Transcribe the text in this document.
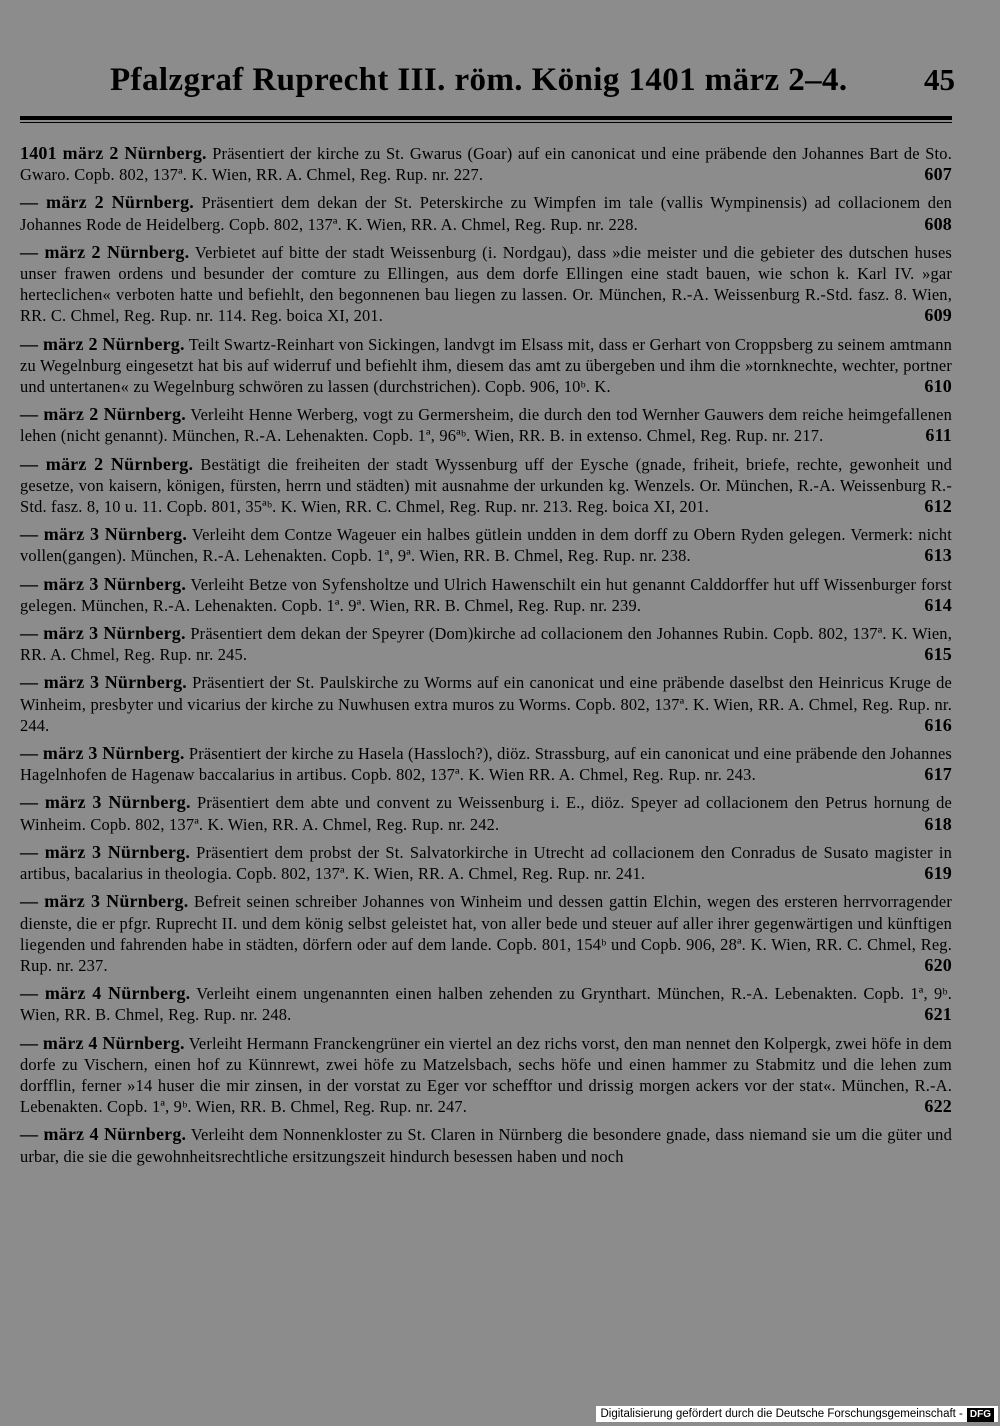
Pfalzgraf Ruprecht III. röm. König 1401 märz 2–4. 45
1401 märz 2 Nürnberg. Präsentiert der kirche zu St. Gwarus (Goar) auf ein canonicat und eine präbende den Johannes Bart de Sto. Gwaro. Copb. 802, 137ª. K. Wien, RR. A. Chmel, Reg. Rup. nr. 227.	607
— märz 2 Nürnberg. Präsentiert dem dekan der St. Peterskirche zu Wimpfen im tale (vallis Wympinensis) ad collacionem den Johannes Rode de Heidelberg. Copb. 802, 137ª. K. Wien, RR. A. Chmel, Reg. Rup. nr. 228.	608
— märz 2 Nürnberg. Verbietet auf bitte der stadt Weissenburg (i. Nordgau), dass »die meister und die gebieter des dutschen huses unser frawen ordens und besunder der comture zu Ellingen, aus dem dorfe Ellingen eine stadt bauen, wie schon k. Karl IV. »gar herteclichen« verboten hatte und befiehlt, den begonnenen bau liegen zu lassen. Or. München, R.-A. Weissenburg R.-Std. fasz. 8. Wien, RR. C. Chmel, Reg. Rup. nr. 114. Reg. boica XI, 201.	609
— märz 2 Nürnberg. Teilt Swartz-Reinhart von Sickingen, landvgt im Elsass mit, dass er Gerhart von Croppsberg zu seinem amtmann zu Wegelnburg eingesetzt hat bis auf widerruf und befiehlt ihm, diesem das amt zu übergeben und ihm die »tornknechte, wechter, portner und untertanen« zu Wegelnburg schwören zu lassen (durchstrichen). Copb. 906, 10ᵇ. K.	610
— märz 2 Nürnberg. Verleiht Henne Werberg, vogt zu Germersheim, die durch den tod Wernher Gauwers dem reiche heimgefallenen lehen (nicht genannt). München, R.-A. Lehenakten. Copb. 1ª, 96ªᵇ. Wien, RR. B. in extenso. Chmel, Reg. Rup. nr. 217.	611
— märz 2 Nürnberg. Bestätigt die freiheiten der stadt Wyssenburg uff der Eysche (gnade, friheit, briefe, rechte, gewonheit und gesetze, von kaisern, königen, fürsten, herrn und städten) mit ausnahme der urkunden kg. Wenzels. Or. München, R.-A. Weissenburg R.-Std. fasz. 8, 10 u. 11. Copb. 801, 35ªᵇ. K. Wien, RR. C. Chmel, Reg. Rup. nr. 213. Reg. boica XI, 201.	612
— märz 3 Nürnberg. Verleiht dem Contze Wageuer ein halbes gütlein undden in dem dorff zu Obern Ryden gelegen. Vermerk: nicht vollen(gangen). München, R.-A. Lehenakten. Copb. 1ª, 9ª. Wien, RR. B. Chmel, Reg. Rup. nr. 238.	613
— märz 3 Nürnberg. Verleiht Betze von Syfensholtze und Ulrich Hawenschilt ein hut genannt Calddorffer hut uff Wissenburger forst gelegen. München, R.-A. Lehenakten. Copb. 1ª. 9ª. Wien, RR. B. Chmel, Reg. Rup. nr. 239.	614
— märz 3 Nürnberg. Präsentiert dem dekan der Speyrer (Dom)kirche ad collacionem den Johannes Rubin. Copb. 802, 137ª. K. Wien, RR. A. Chmel, Reg. Rup. nr. 245.	615
— märz 3 Nürnberg. Präsentiert der St. Paulskirche zu Worms auf ein canonicat und eine präbende daselbst den Heinricus Kruge de Winheim, presbyter und vicarius der kirche zu Nuwhusen extra muros zu Worms. Copb. 802, 137ª. K. Wien, RR. A. Chmel, Reg. Rup. nr. 244.	616
— märz 3 Nürnberg. Präsentiert der kirche zu Hasela (Hassloch?), diöz. Strassburg, auf ein canonicat und eine präbende den Johannes Hagelnhofen de Hagenaw baccalarius in artibus. Copb. 802, 137ª. K. Wien RR. A. Chmel, Reg. Rup. nr. 243.	617
— märz 3 Nürnberg. Präsentiert dem abte und convent zu Weissenburg i. E., diöz. Speyer ad collacionem den Petrus hornung de Winheim. Copb. 802, 137ª. K. Wien, RR. A. Chmel, Reg. Rup. nr. 242.	618
— märz 3 Nürnberg. Präsentiert dem probst der St. Salvatorkirche in Utrecht ad collacionem den Conradus de Susato magister in artibus, bacalarius in theologia. Copb. 802, 137ª. K. Wien, RR. A. Chmel, Reg. Rup. nr. 241.	619
— märz 3 Nürnberg. Befreit seinen schreiber Johannes von Winheim und dessen gattin Elchin, wegen des ersteren herrvorragender dienste, die er pfgr. Ruprecht II. und dem könig selbst geleistet hat, von aller bede und steuer auf aller ihrer gegenwärtigen und künftigen liegenden und fahrenden habe in städten, dörfern oder auf dem lande. Copb. 801, 154ᵇ und Copb. 906, 28ª. K. Wien, RR. C. Chmel, Reg. Rup. nr. 237.	620
— märz 4 Nürnberg. Verleiht einem ungenannten einen halben zehenden zu Grynthart. München, R.-A. Lebenakten. Copb. 1ª, 9ᵇ. Wien, RR. B. Chmel, Reg. Rup. nr. 248.	621
— märz 4 Nürnberg. Verleiht Hermann Franckengrüner ein viertel an dez richs vorst, den man nennet den Kolpergk, zwei höfe in dem dorfe zu Vischern, einen hof zu Künnrewt, zwei höfe zu Matzelsbach, sechs höfe und einen hammer zu Stabmitz und die lehen zum dorfflin, ferner »14 huser die mir zinsen, in der vorstat zu Eger vor schefftor und drissig morgen ackers vor der stat«. München, R.-A. Lebenakten. Copb. 1ª, 9ᵇ. Wien, RR. B. Chmel, Reg. Rup. nr. 247.	622
— märz 4 Nürnberg. Verleiht dem Nonnenkloster zu St. Claren in Nürnberg die besondere gnade, dass niemand sie um die güter und urbar, die sie die gewohnheitsrechtliche ersitzungszeit hindurch besessen haben und noch
Digitalisierung gefördert durch die Deutsche Forschungsgemeinschaft - DFG
